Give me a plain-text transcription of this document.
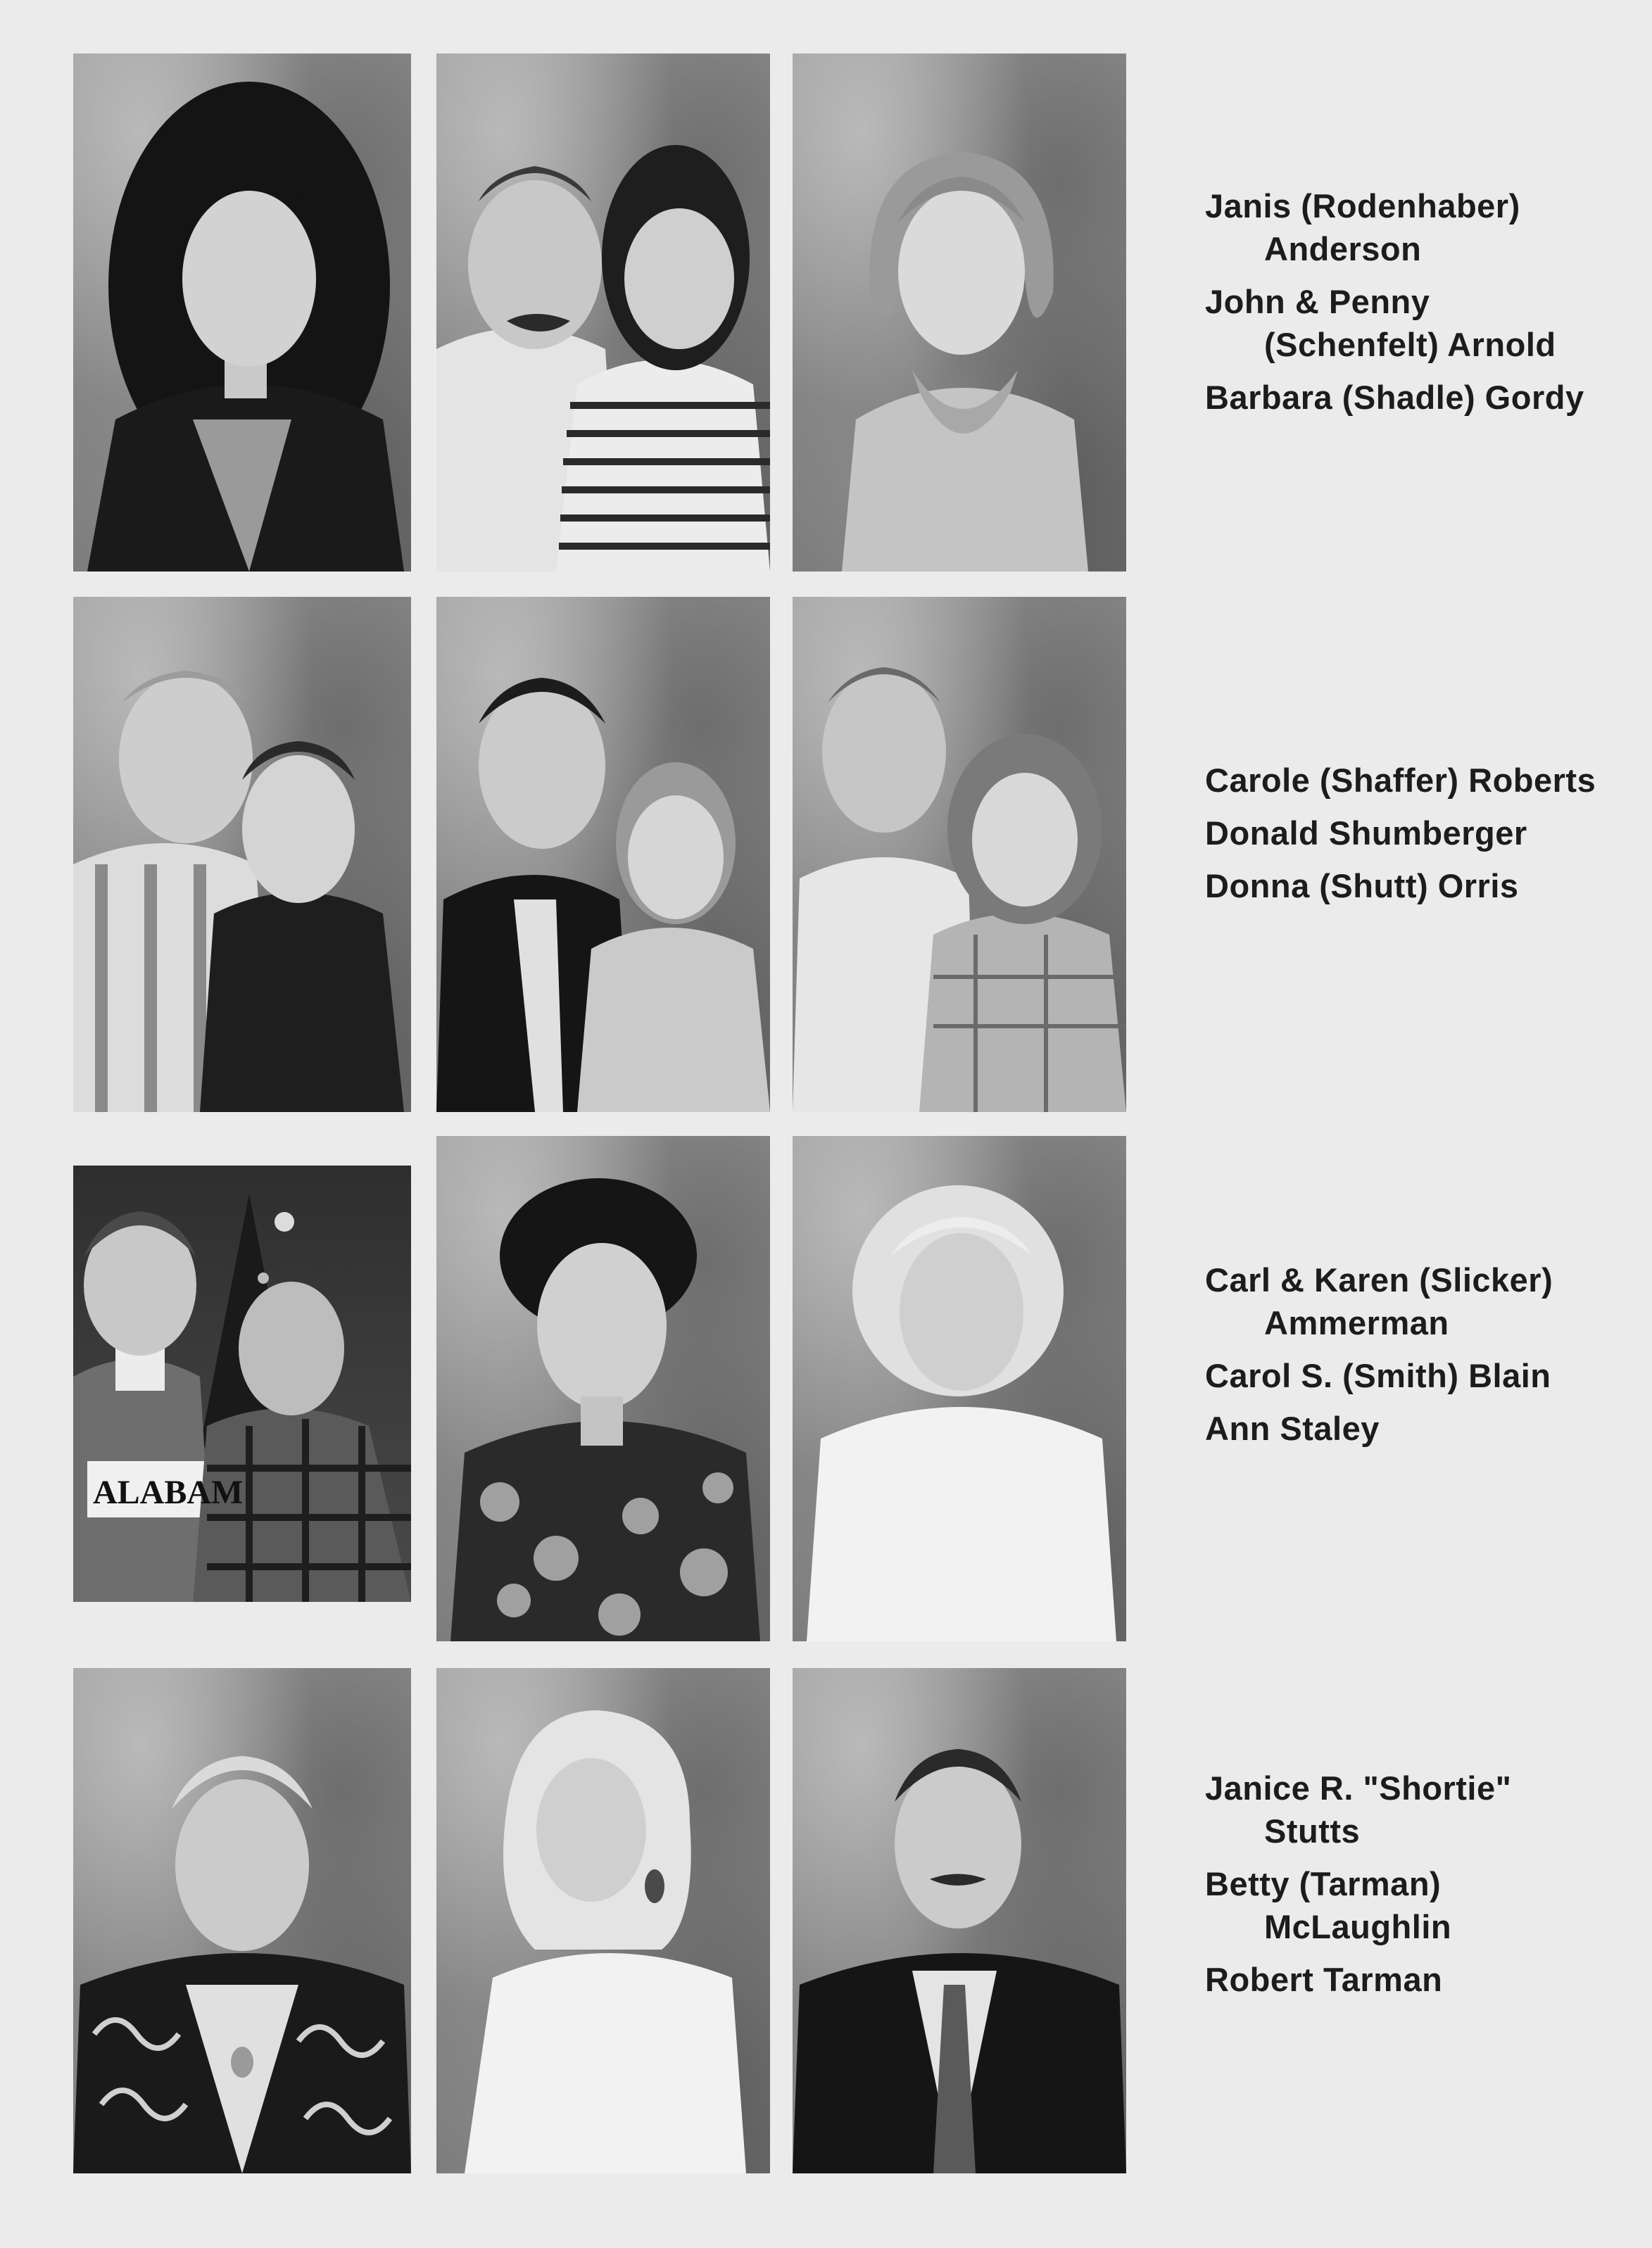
Janis (Rodenhaber)
Anderson
John & Penny
(Schenfelt) Arnold
Barbara (Shadle) Gordy
Carole (Shaffer) Roberts
Donald Shumberger
Donna (Shutt) Orris
ALABAM
Carl & Karen (Slicker)
Ammerman
Carol S. (Smith) Blain
Ann Staley
Janice R. "Shortie"
Stutts
Betty (Tarman)
McLaughlin
Robert Tarman
